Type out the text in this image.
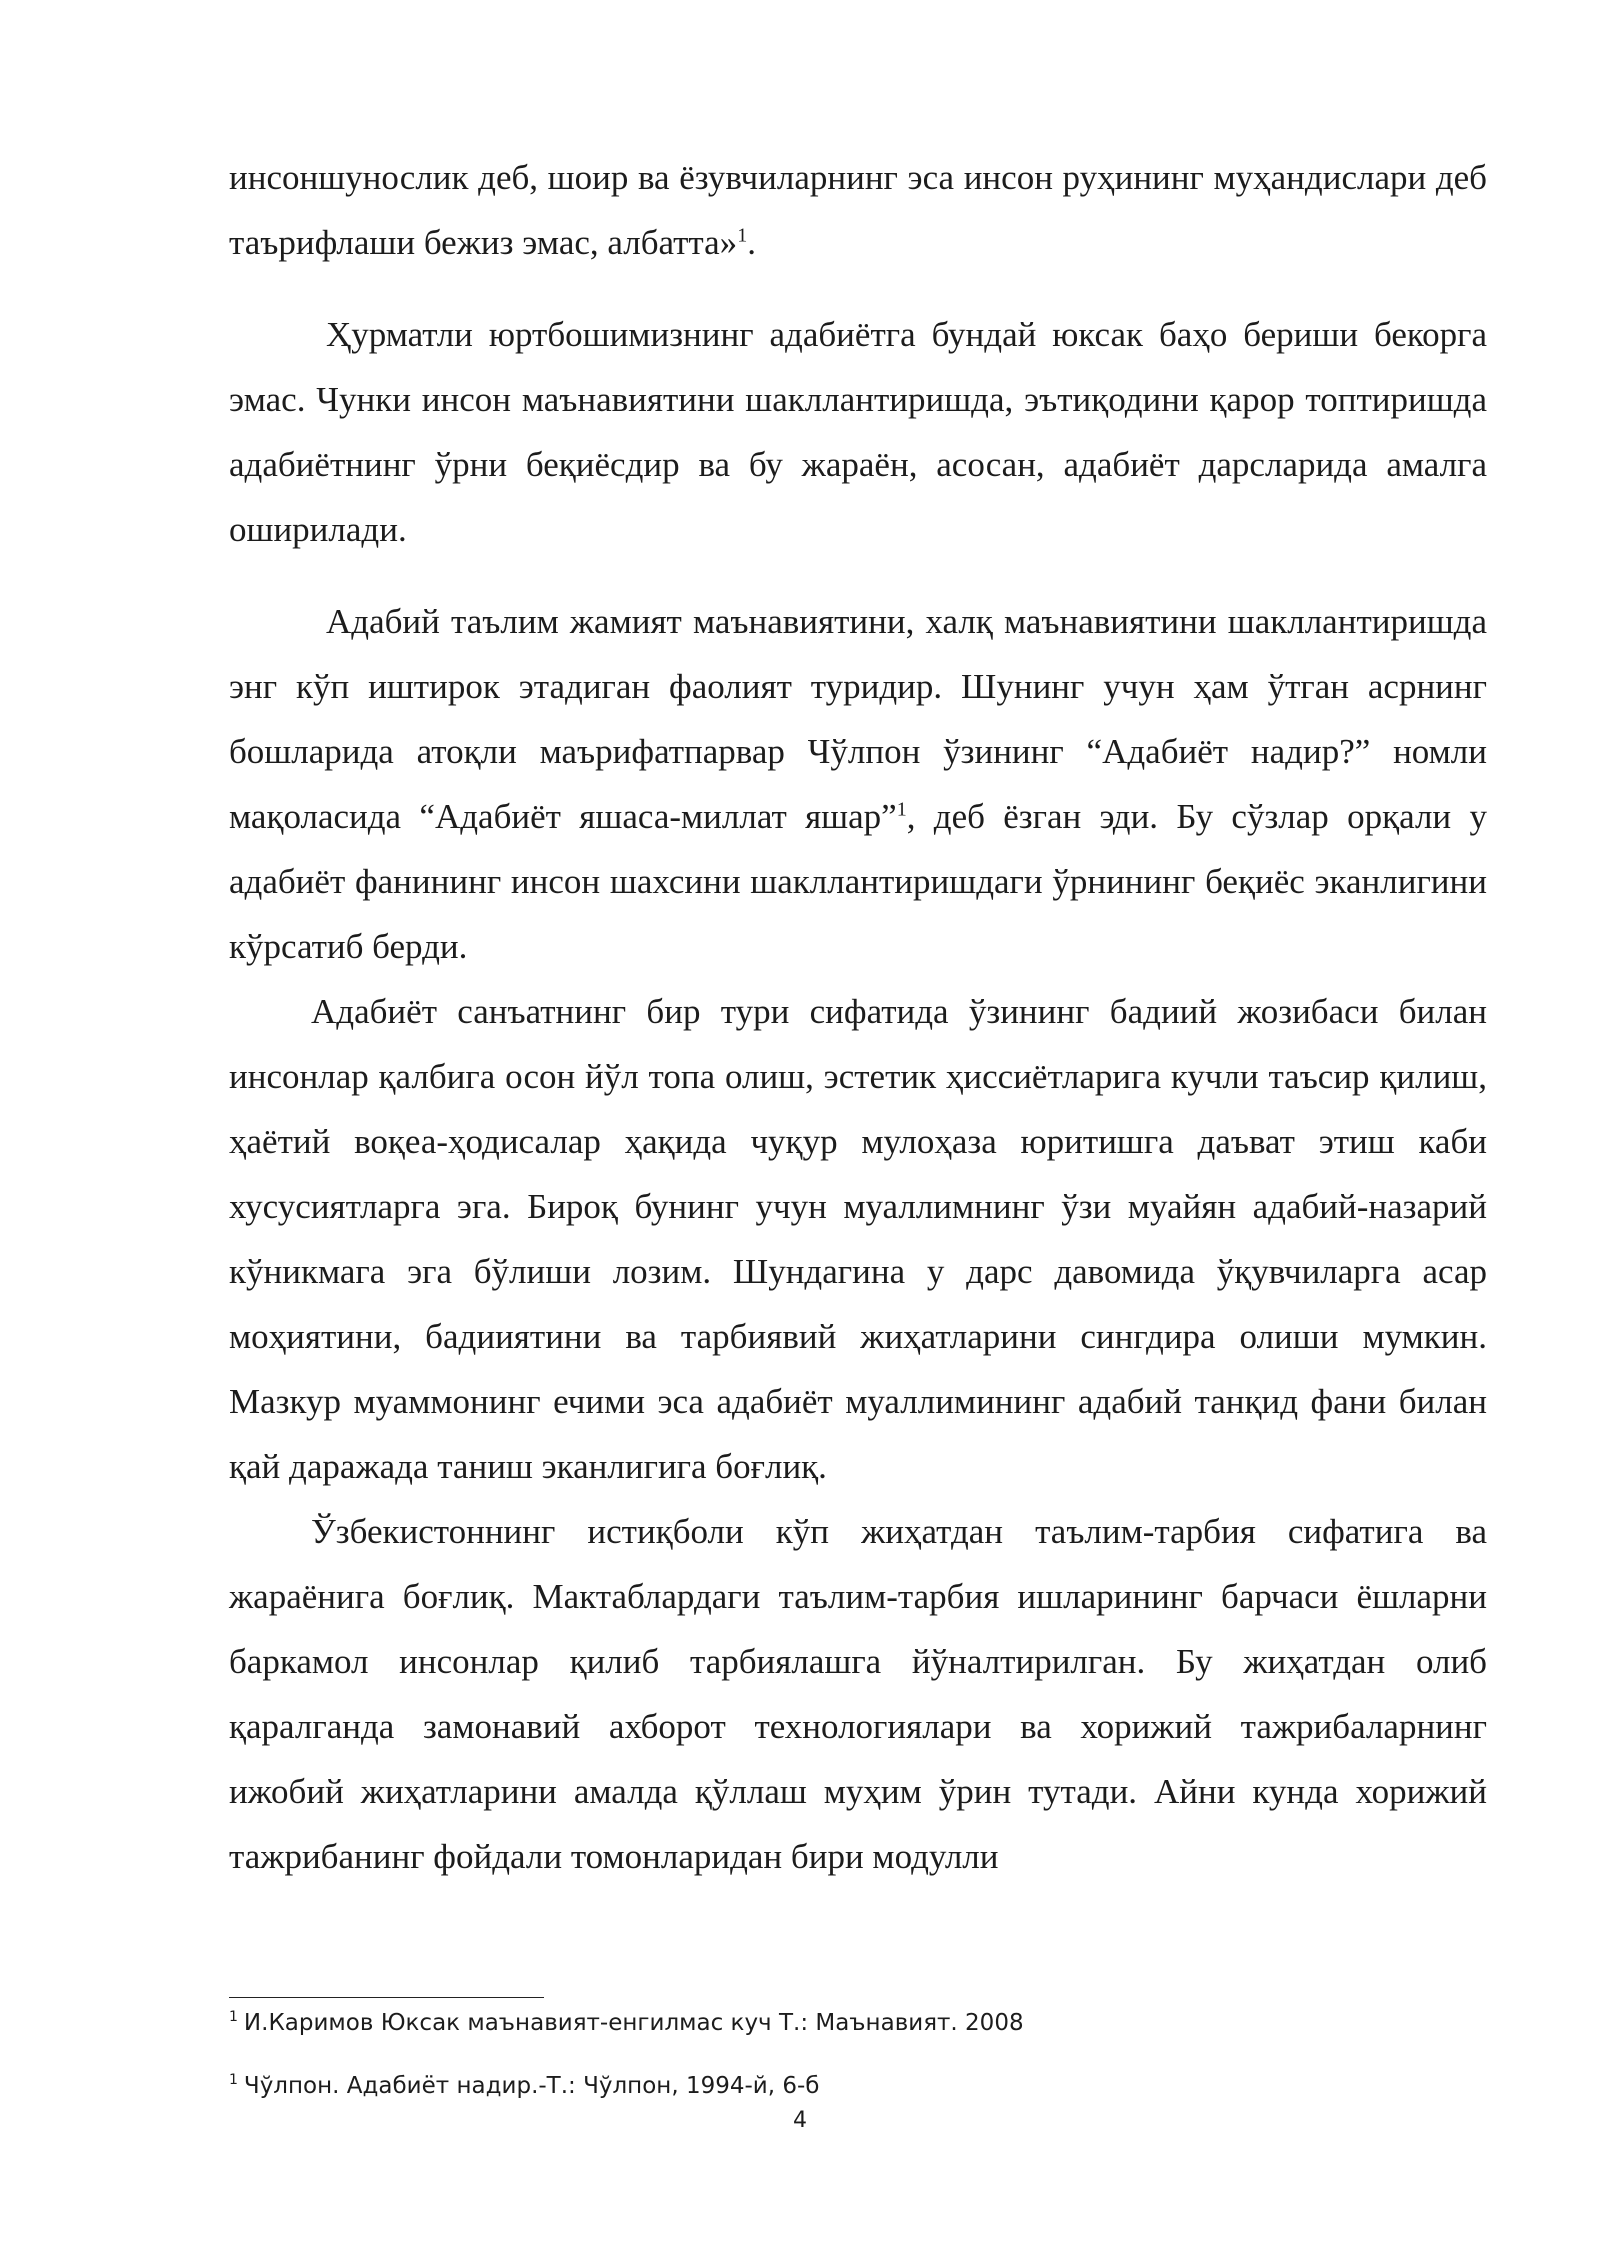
инсоншунослик деб, шоир ва ёзувчиларнинг эса инсон руҳининг муҳандислари деб таърифлаши бежиз эмас, албатта»$^1$.

Ҳурматли юртбошимизнинг адабиётга бундай юксак баҳо бериши бекорга эмас. Чунки инсон маънавиятини шакллантиришда, эътиқодини қарор топтиришда адабиётнинг ўрни беқиёсдир ва бу жараён, асосан, адабиёт дарсларида амалга оширилади.

Адабий таълим жамият маънавиятини, халқ маънавиятини шакллантиришда энг кўп иштирок этадиган фаолият туридир. Шунинг учун ҳам ўтган асрнинг бошларида атоқли маърифатпарвар Чўлпон ўзининг “Адабиёт надир?” номли мақоласида “Адабиёт яшаса-миллат яшар”$^1$, деб ёзган эди. Бу сўзлар орқали у адабиёт фанининг инсон шахсини шакллантиришдаги ўрнининг беқиёс эканлигини кўрсатиб берди.

Адабиёт санъатнинг бир тури сифатида ўзининг бадиий жозибаси билан инсонлар қалбига осон йўл топа олиш, эстетик ҳиссиётларига кучли таъсир қилиш, ҳаётий воқеа-ҳодисалар ҳақида чуқур мулоҳаза юритишга даъват этиш каби хусусиятларга эга. Бироқ бунинг учун муаллимнинг ўзи муайян адабий-назарий кўникмага эга бўлиши лозим. Шундагина у дарс давомида ўқувчиларга асар моҳиятини, бадииятини ва тарбиявий жиҳатларини сингдира олиши мумкин. Мазкур муаммонинг ечими эса адабиёт муаллимининг адабий танқид фани билан қай даражада таниш эканлигига боғлиқ.

Ўзбекистоннинг истиқболи кўп жиҳатдан таълим-тарбия сифатига ва жараёнига боғлиқ. Мактаблардаги таълим-тарбия ишларининг барчаси ёшларни баркамол инсонлар қилиб тарбиялашга йўналтирилган. Бу жиҳатдан олиб қаралганда замонавий ахборот технологиялари ва хорижий тажрибаларнинг ижобий жиҳатларини амалда қўллаш муҳим ўрин тутади. Айни кунда хорижий тажрибанинг фойдали томонларидан бири модулли

$^1$ И.Каримов Юксак маънавият-енгилмас куч Т.: Маънавият. 2008
$^1$ Чўлпон. Адабиёт надир.-Т.: Чўлпон, 1994-й, 6-б
4
